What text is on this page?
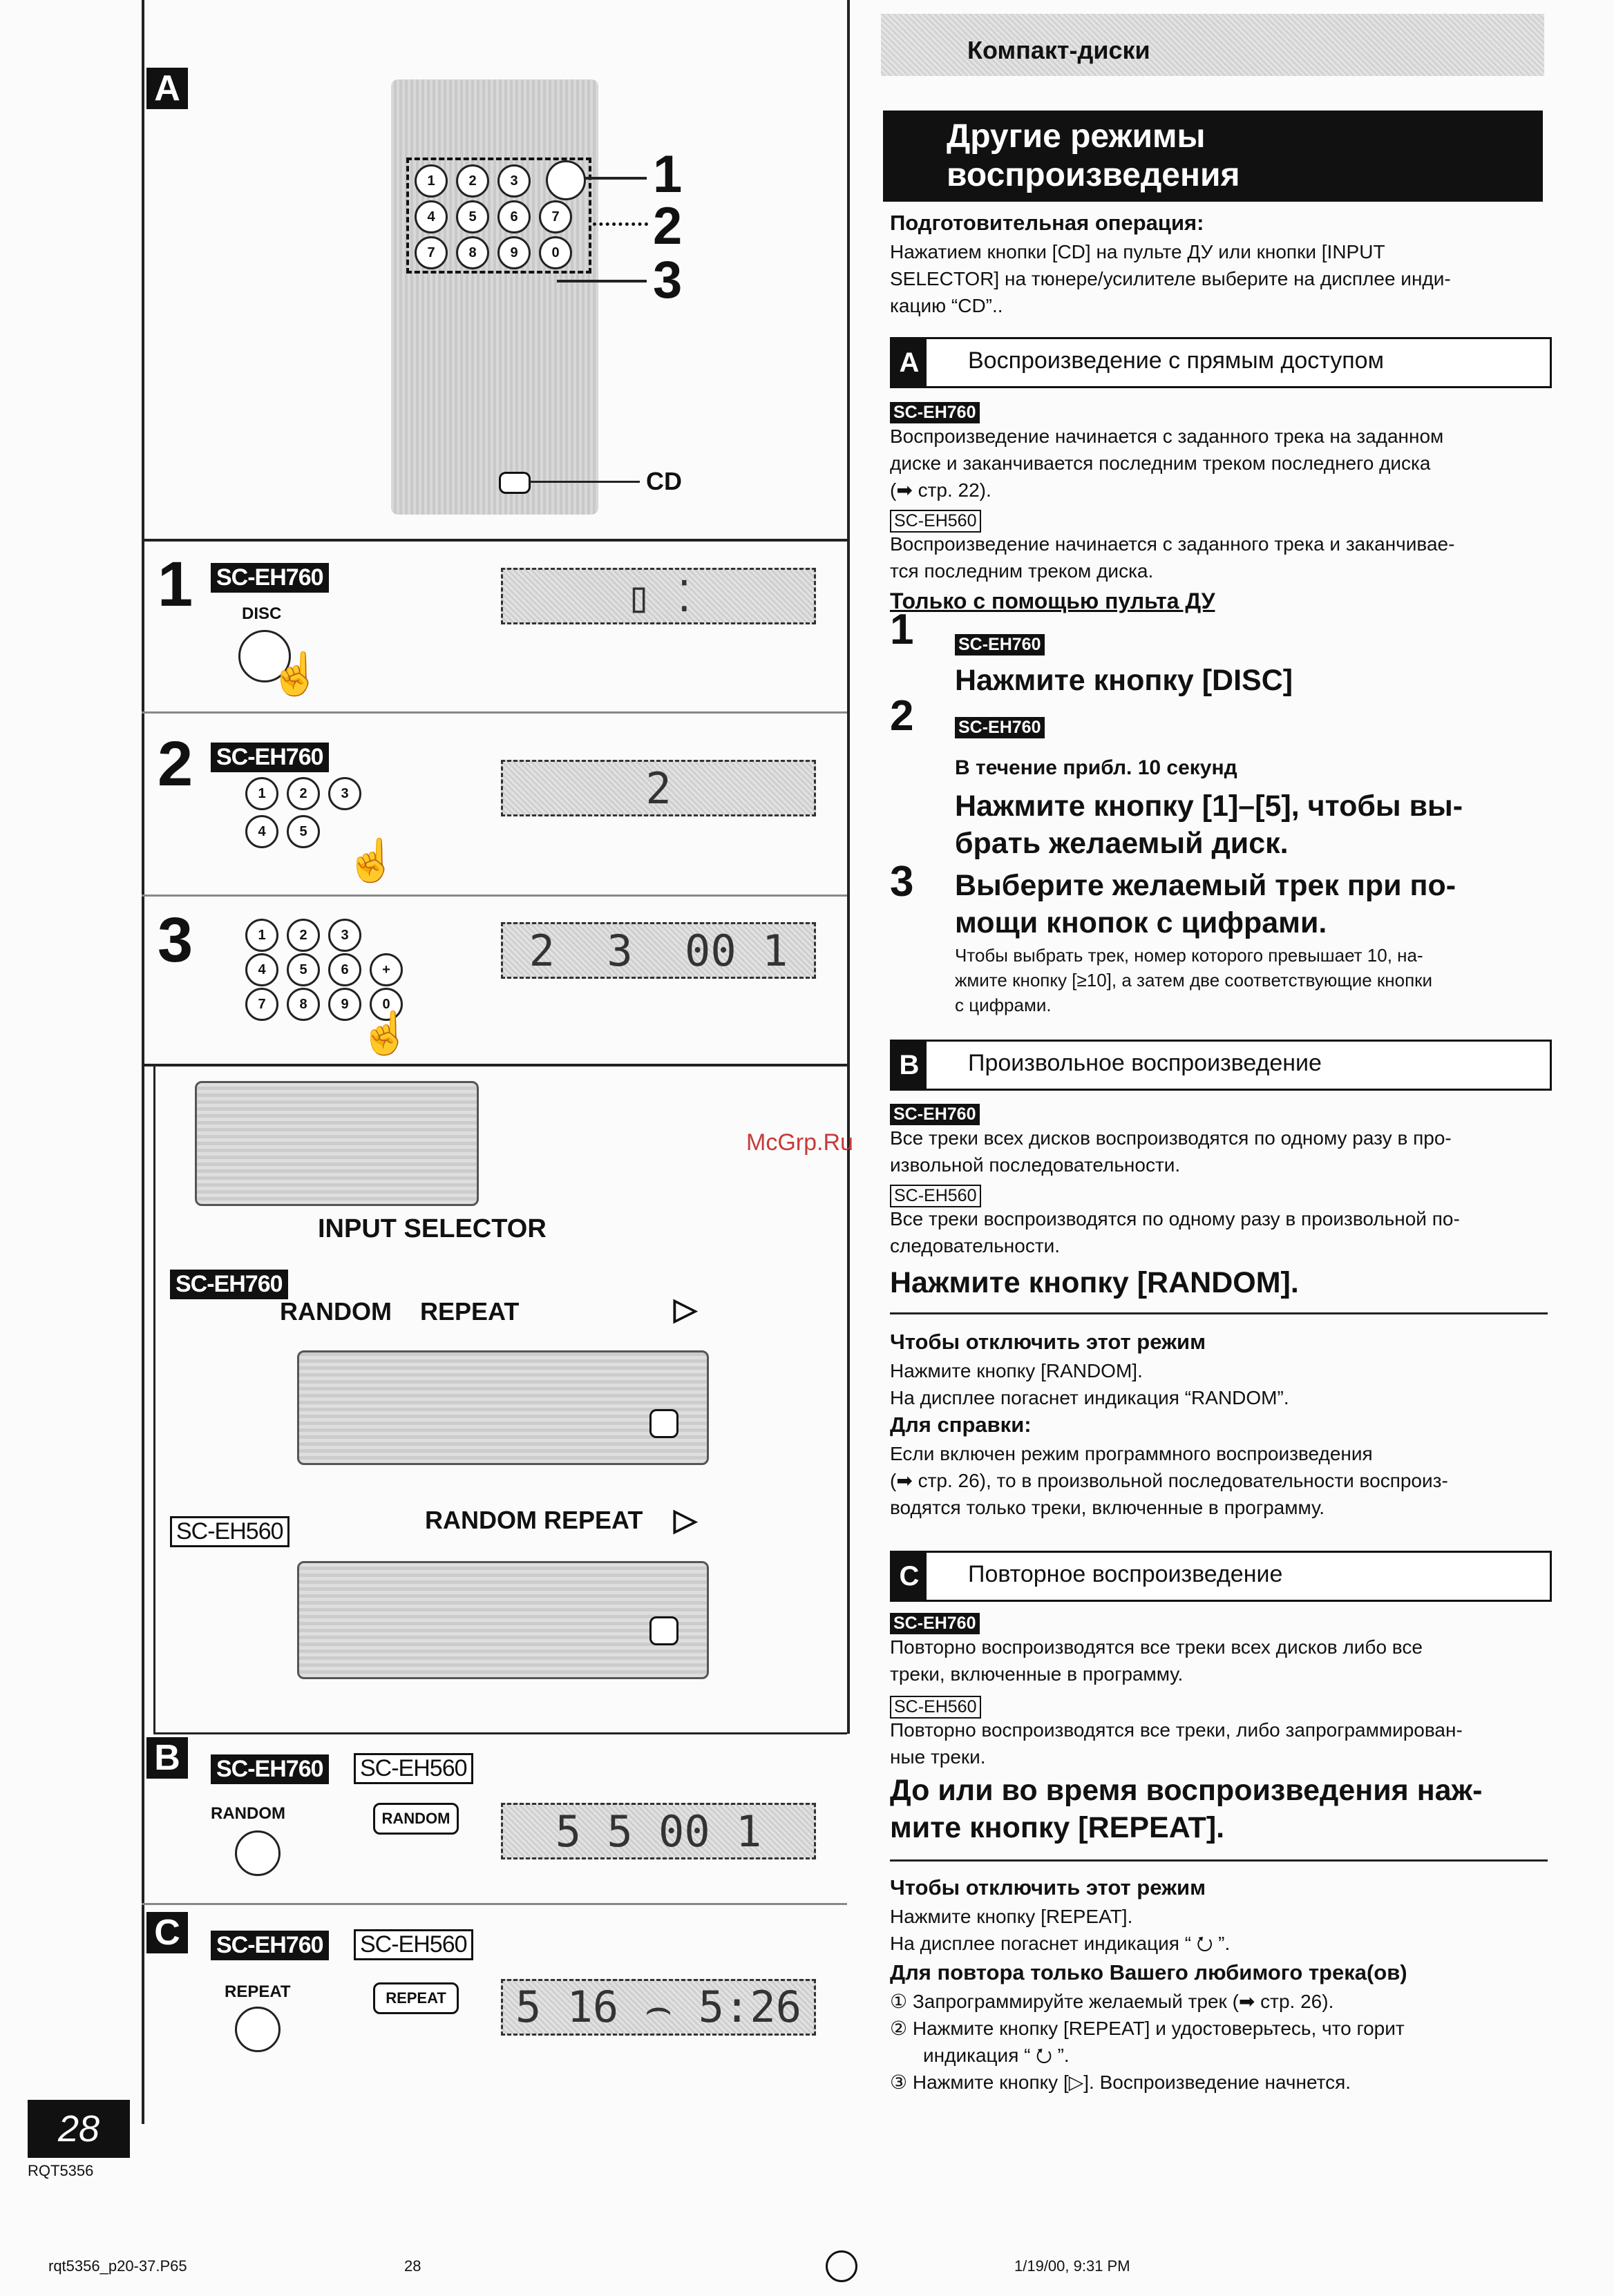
A
1	2	3
4	5	6	7
7	8	9	0
1
2
3
CD
1 SC-EH760
DISC
☝
▯ ⁚
2 SC-EH760
1	2	3
4	5
☝
2
3	1	2	3
4	5	6	+
7	8	9	0
☝
2 3 00 1
INPUT SELECTOR
SC-EH760
RANDOM REPEAT	▷
SC-EH560	RANDOM REPEAT ▷
B	SC-EH760 SC-EH560
RANDOM	RANDOM 5 5 00 1
C	SC-EH760 SC-EH560
REPEAT	REPEAT 5 16 ⌢ 5:26
28
RQT5356
rqt5356_p20-37.P65	28	1/19/00, 9:31 PM
McGrp.Ru
Компакт-диски
Другие режимы
воспроизведения
Подготовительная операция:
Нажатием кнопки [CD] на пульте ДУ или кнопки [INPUT
SELECTOR] на тюнере/усилителе выберите на дисплее инди-
кацию “CD”..
A	Воспроизведение с прямым доступом
SC-EH760
Воспроизведение начинается с заданного трека на заданном
диске и заканчивается последним треком последнего диска
(➡ стр. 22).
SC-EH560
Воспроизведение начинается с заданного трека и заканчивае-
тся последним треком диска.
Только с помощью пульта ДУ
1	SC-EH760
Нажмите кнопку [DISC]
2	SC-EH760
В течение прибл. 10 секунд
Нажмите кнопку [1]–[5], чтобы вы-
брать желаемый диск.
3 Выберите желаемый трек при по-
мощи кнопок с цифрами.
Чтобы выбрать трек, номер которого превышает 10, на-
жмите кнопку [≥10], а затем две соответствующие кнопки
с цифрами.
B	Произвольное воспроизведение
SC-EH760
Все треки всех дисков воспроизводятся по одному разу в про-
извольной последовательности.
SC-EH560
Все треки воспроизводятся по одному разу в произвольной по-
следовательности.
Нажмите кнопку [RANDOM].
Чтобы отключить этот режим
Нажмите кнопку [RANDOM].
На дисплее погаснет индикация “RANDOM”.
Для справки:
Если включен режим программного воспроизведения
(➡ стр. 26), то в произвольной последовательности воспроиз-
водятся только треки, включенные в программу.
C	Повторное воспроизведение
SC-EH760
Повторно воспроизводятся все треки всех дисков либо все
треки, включенные в программу.
SC-EH560
Повторно воспроизводятся все треки, либо запрограммирован-
ные треки.
До или во время воспроизведения наж-
мите кнопку [REPEAT].
Чтобы отключить этот режим
Нажмите кнопку [REPEAT].
На дисплее погаснет индикация “ ⭮ ”.
Для повтора только Вашего любимого трека(ов)
① Запрограммируйте желаемый трек (➡ стр. 26).
② Нажмите кнопку [REPEAT] и удостоверьтесь, что горит
индикация “ ⭮ ”.
③ Нажмите кнопку [▷]. Воспроизведение начнется.
